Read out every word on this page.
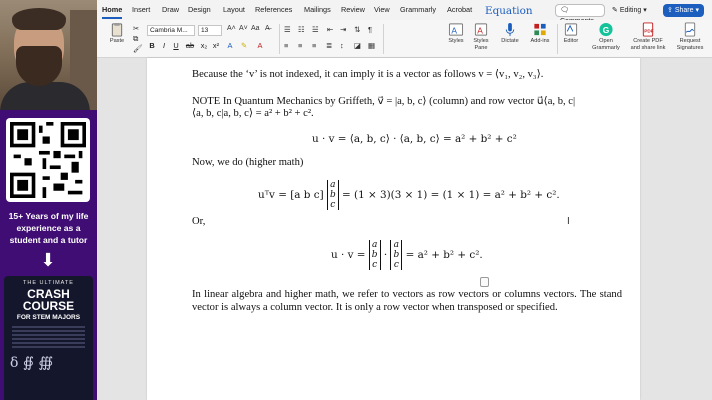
15+ Years of my life experience as a student and a tutor
⬇
THE ULTIMATE
CRASH COURSE
FOR STEM MAJORS
δ ∯ ∰
Home Insert Draw Design Layout References Mailings Review View Grammarly Acrobat Equation	🗨	✎ Editing ▾	⇪ Share ▾
Paste
✂
⧉
🖌
Cambria M...	13	A˄ A˅ Aa A̶
B	I	U ab x₂ x²	A	✎	A
☰ ☷ ☱ ⇤ ⇥ ⇅ ¶
≡ ≡ ≡ ≣ ↕ ◪ ▦
A
Styles
A
Styles Pane
Dictate	Add-ins	Editor
G
Open Grammarly
PDF
Create PDF and share link
Request Signatures
Because the ‘v’ is not indexed, it can imply it is a vector as follows v = ⟨v₁, v₂, v₃⟩.
NOTE In Quantum Mechanics by Griffeth, v⃗ = |a, b, c⟩ (column) and row vector u⃗⟨a, b, c|
⟨a, b, c|a, b, c⟩ = a² + b² + c².
u · v = ⟨a, b, c⟩ · ⟨a, b, c⟩ = a² + b² + c²
Now, we do (higher math)
uᵀv = [a b c] a
b
c = (1 × 3)(3 × 1) = (1 × 1) = a² + b² + c².
Or,
u · v = a
b
c · a
b
c = a² + b² + c².
I
In linear algebra and higher math, we refer to vectors as row vectors or columns vectors. The stand vector is always a column vector. It is only a row vector when transposed or specified.
